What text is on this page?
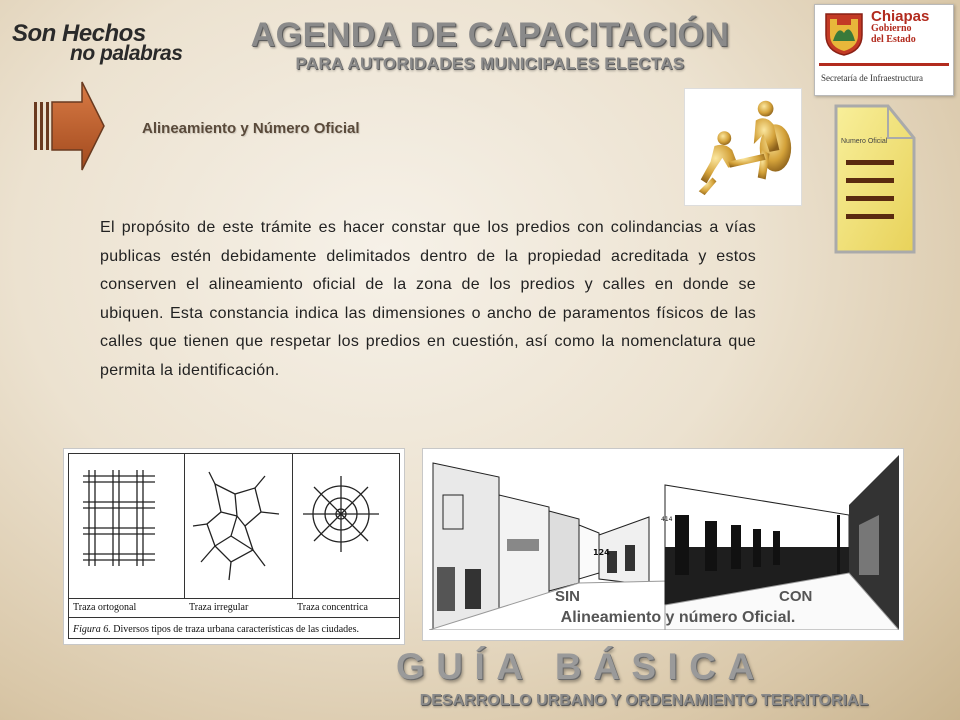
Son Hechos
no palabras	AGENDA DE CAPACITACIÓN
PARA AUTORIDADES MUNICIPALES ELECTAS
Chiapas
Gobierno
del Estado
Secretaría de Infraestructura
Alineamiento y Número Oficial
Numero Oficial
El propósito de este trámite es hacer constar que los predios con colindancias a vías publicas estén debidamente delimitados dentro de la propiedad acreditada y estos conserven el alineamiento oficial de la zona de los predios y calles en donde se ubiquen. Esta constancia indica las dimensiones o ancho de paramentos físicos de las calles que tienen que respetar los predios en cuestión, así como la nomenclatura que permita la identificación.
Traza ortogonal	Traza irregular	Traza concentrica
Figura 6. Diversos tipos de traza urbana características de las ciudades.
124
414
SIN	CON
Alineamiento y número Oficial.
GUÍA BÁSICA
DESARROLLO URBANO Y ORDENAMIENTO TERRITORIAL
